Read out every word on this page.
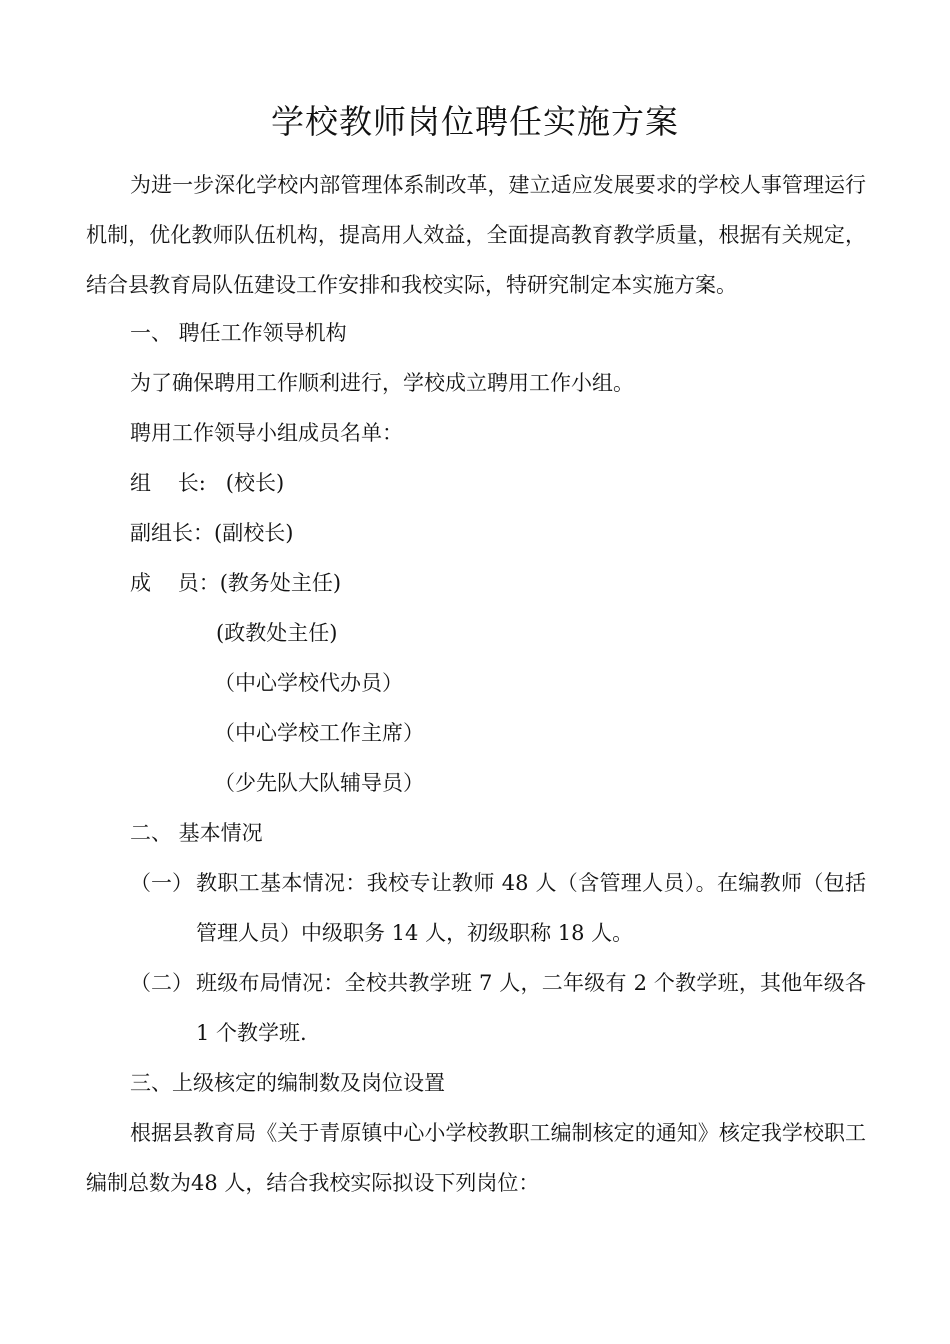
学校教师岗位聘任实施方案
为进一步深化学校内部管理体系制改革，建立适应发展要求的学校人事管理运行机制，优化教师队伍机构，提高用人效益，全面提高教育教学质量，根据有关规定，结合县教育局队伍建设工作安排和我校实际，特研究制定本实施方案。
一、 聘任工作领导机构
为了确保聘用工作顺利进行，学校成立聘用工作小组。
聘用工作领导小组成员名单：
组    长:   (校长)
副组长：(副校长)
成    员：(教务处主任)
(政教处主任)
（中心学校代办员）
（中心学校工作主席）
（少先队大队辅导员）
二、 基本情况
（一） 教职工基本情况：我校专让教师 48 人（含管理人员）。在编教师（包括管理人员）中级职务 14 人，初级职称 18 人。
（二） 班级布局情况：全校共教学班 7 人，二年级有 2 个教学班，其他年级各 1 个教学班.
三、上级核定的编制数及岗位设置
根据县教育局《关于青原镇中心小学校教职工编制核定的通知》核定我学校职工编制总数为48 人，结合我校实际拟设下列岗位：
